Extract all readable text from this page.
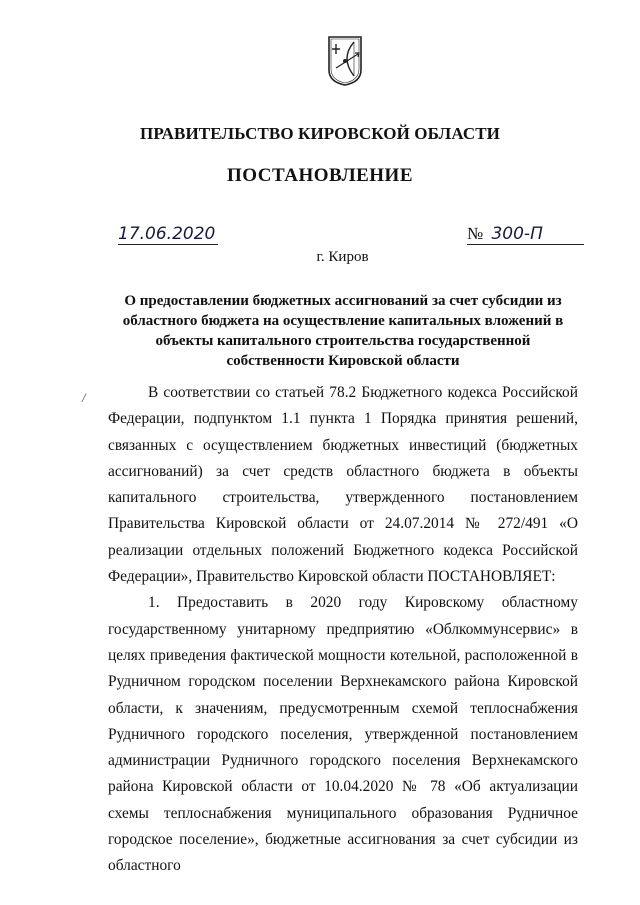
ПРАВИТЕЛЬСТВО КИРОВСКОЙ ОБЛАСТИ
ПОСТАНОВЛЕНИЕ
17.06.2020	№ 300-П
г. Киров
О предоставлении бюджетных ассигнований за счет субсидии из областного бюджета на осуществление капитальных вложений в объекты капитального строительства государственной собственности Кировской области
/	В соответствии со статьей 78.2 Бюджетного кодекса Российской Федерации, подпунктом 1.1 пункта 1 Порядка принятия решений, связанных с осуществлением бюджетных инвестиций (бюджетных ассигнований) за счет средств областного бюджета в объекты капитального строительства, утвержденного постановлением Правительства Кировской области от 24.07.2014 № 272/491 «О реализации отдельных положений Бюджетного кодекса Российской Федерации», Правительство Кировской области ПОСТАНОВЛЯЕТ:

1. Предоставить в 2020 году Кировскому областному государственному унитарному предприятию «Облкоммунсервис» в целях приведения фактической мощности котельной, расположенной в Рудничном городском поселении Верхнекамского района Кировской области, к значениям, предусмотренным схемой теплоснабжения Рудничного городского поселения, утвержденной постановлением администрации Рудничного городского поселения Верхнекамского района Кировской области от 10.04.2020 № 78 «Об актуализации схемы теплоснабжения муниципального образования Рудничное городское поселение», бюджетные ассигнования за счет субсидии из областного
